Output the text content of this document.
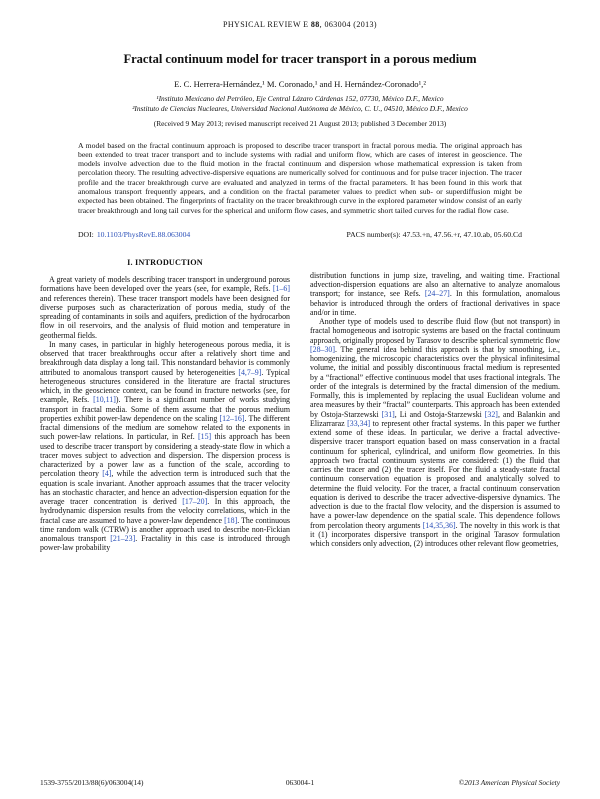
PHYSICAL REVIEW E 88, 063004 (2013)
Fractal continuum model for tracer transport in a porous medium
E. C. Herrera-Hernández,¹ M. Coronado,¹ and H. Hernández-Coronado¹,²
¹Instituto Mexicano del Petróleo, Eje Central Lázaro Cárdenas 152, 07730, México D.F., Mexico
²Instituto de Ciencias Nucleares, Universidad Nacional Autónoma de México, C. U., 04510, México D.F., Mexico
(Received 9 May 2013; revised manuscript received 21 August 2013; published 3 December 2013)
A model based on the fractal continuum approach is proposed to describe tracer transport in fractal porous media. The original approach has been extended to treat tracer transport and to include systems with radial and uniform flow, which are cases of interest in geoscience. The models involve advection due to the fluid motion in the fractal continuum and dispersion whose mathematical expression is taken from percolation theory. The resulting advective-dispersive equations are numerically solved for continuous and for pulse tracer injection. The tracer profile and the tracer breakthrough curve are evaluated and analyzed in terms of the fractal parameters. It has been found in this work that anomalous transport frequently appears, and a condition on the fractal parameter values to predict when sub- or superdiffusion might be expected has been obtained. The fingerprints of fractality on the tracer breakthrough curve in the explored parameter window consist of an early tracer breakthrough and long tail curves for the spherical and uniform flow cases, and symmetric short tailed curves for the radial flow case.
DOI: 10.1103/PhysRevE.88.063004	PACS number(s): 47.53.+n, 47.56.+r, 47.10.ab, 05.60.Cd
I. INTRODUCTION

A great variety of models describing tracer transport in underground porous formations have been developed over the years (see, for example, Refs. [1–6] and references therein). These tracer transport models have been designed for diverse purposes such as characterization of porous media, study of the spreading of contaminants in soils and aquifers, prediction of the hydrocarbon flow in oil reservoirs, and the analysis of fluid motion and temperature in geothermal fields.

In many cases, in particular in highly heterogeneous porous media, it is observed that tracer breakthroughs occur after a relatively short time and breakthrough data display a long tail. This nonstandard behavior is commonly attributed to anomalous transport caused by heterogeneities [4,7–9]. Typical heterogeneous structures considered in the literature are fractal structures which, in the geoscience context, can be found in fracture networks (see, for example, Refs. [10,11]). There is a significant number of works studying transport in fractal media. Some of them assume that the porous medium properties exhibit power-law dependence on the scaling [12–16]. The different fractal dimensions of the medium are somehow related to the exponents in such power-law relations. In particular, in Ref. [15] this approach has been used to describe tracer transport by considering a steady-state flow in which a tracer moves subject to advection and dispersion. The dispersion process is characterized by a power law as a function of the scale, according to percolation theory [4], while the advection term is introduced such that the equation is scale invariant. Another approach assumes that the tracer velocity has an stochastic character, and hence an advection-dispersion equation for the average tracer concentration is derived [17–20]. In this approach, the hydrodynamic dispersion results from the velocity correlations, which in the fractal case are assumed to have a power-law dependence [18]. The continuous time random walk (CTRW) is another approach used to describe non-Fickian anomalous transport [21–23]. Fractality in this case is introduced through power-law probability

distribution functions in jump size, traveling, and waiting time. Fractional advection-dispersion equations are also an alternative to analyze anomalous transport; for instance, see Refs. [24–27]. In this formulation, anomalous behavior is introduced through the orders of fractional derivatives in space and/or in time.

Another type of models used to describe fluid flow (but not transport) in fractal homogeneous and isotropic systems are based on the fractal continuum approach, originally proposed by Tarasov to describe spherical symmetric flow [28–30]. The general idea behind this approach is that by smoothing, i.e., homogenizing, the microscopic characteristics over the physical infinitesimal volume, the initial and possibly discontinuous fractal medium is represented by a “fractional” effective continuous model that uses fractional integrals. The order of the integrals is determined by the fractal dimension of the medium. Formally, this is implemented by replacing the usual Euclidean volume and area measures by their “fractal” counterparts. This approach has been extended by Ostoja-Starzewski [31], Li and Ostoja-Starzewski [32], and Balankin and Elizarraraz [33,34] to represent other fractal systems. In this paper we further extend some of these ideas. In particular, we derive a fractal advective-dispersive tracer transport equation based on mass conservation in a fractal continuum for spherical, cylindrical, and uniform flow geometries. In this approach two fractal continuum systems are considered: (1) the fluid that carries the tracer and (2) the tracer itself. For the fluid a steady-state fractal continuum conservation equation is proposed and analytically solved to determine the fluid velocity. For the tracer, a fractal continuum conservation equation is derived to describe the tracer advective-dispersive dynamics. The advection is due to the fractal flow velocity, and the dispersion is assumed to have a power-law dependence on the spatial scale. This dependence follows from percolation theory arguments [14,35,36]. The novelty in this work is that it (1) incorporates dispersive transport in the original Tarasov formulation which considers only advection, (2) introduces other relevant flow geometries,

1539-3755/2013/88(6)/063004(14)	063004-1	©2013 American Physical Society
